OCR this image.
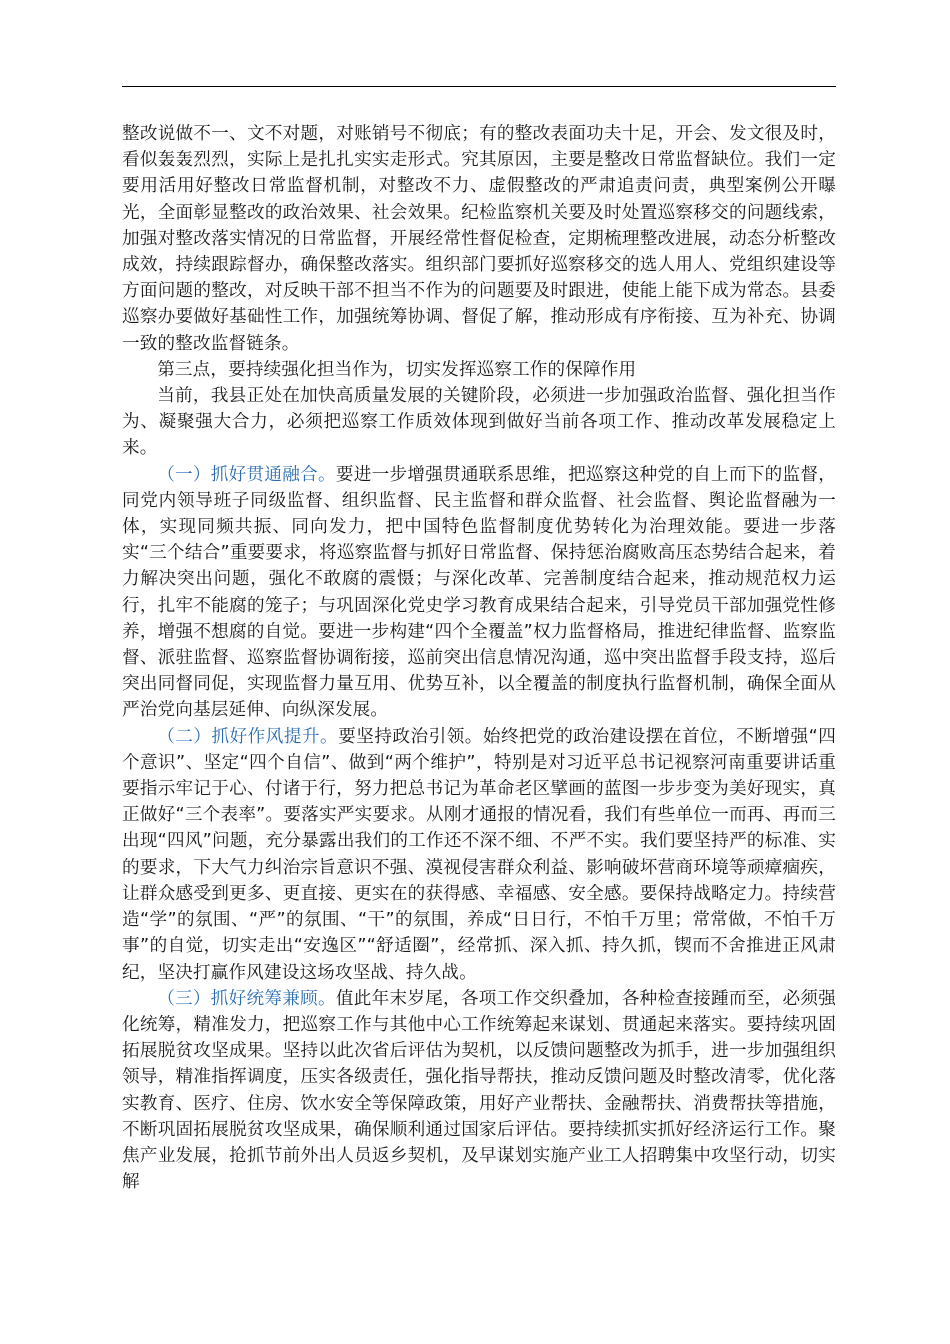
整改说做不一、文不对题，对账销号不彻底；有的整改表面功夫十足，开会、发文很及时，看似轰轰烈烈，实际上是扎扎实实走形式。究其原因，主要是整改日常监督缺位。我们一定要用活用好整改日常监督机制，对整改不力、虚假整改的严肃追责问责，典型案例公开曝光，全面彰显整改的政治效果、社会效果。纪检监察机关要及时处置巡察移交的问题线索，加强对整改落实情况的日常监督，开展经常性督促检查，定期梳理整改进展，动态分析整改成效，持续跟踪督办，确保整改落实。组织部门要抓好巡察移交的选人用人、党组织建设等方面问题的整改，对反映干部不担当不作为的问题要及时跟进，使能上能下成为常态。县委巡察办要做好基础性工作，加强统筹协调、督促了解，推动形成有序衔接、互为补充、协调一致的整改监督链条。

第三点，要持续强化担当作为，切实发挥巡察工作的保障作用

当前，我县正处在加快高质量发展的关键阶段，必须进一步加强政治监督、强化担当作为、凝聚强大合力，必须把巡察工作质效体现到做好当前各项工作、推动改革发展稳定上来。

（一）抓好贯通融合。要进一步增强贯通联系思维，把巡察这种党的自上而下的监督，同党内领导班子同级监督、组织监督、民主监督和群众监督、社会监督、舆论监督融为一体，实现同频共振、同向发力，把中国特色监督制度优势转化为治理效能。要进一步落实“三个结合”重要要求，将巡察监督与抓好日常监督、保持惩治腐败高压态势结合起来，着力解决突出问题，强化不敢腐的震慑；与深化改革、完善制度结合起来，推动规范权力运行，扎牢不能腐的笼子；与巩固深化党史学习教育成果结合起来，引导党员干部加强党性修养，增强不想腐的自觉。要进一步构建“四个全覆盖”权力监督格局，推进纪律监督、监察监督、派驻监督、巡察监督协调衔接，巡前突出信息情况沟通，巡中突出监督手段支持，巡后突出同督同促，实现监督力量互用、优势互补，以全覆盖的制度执行监督机制，确保全面从严治党向基层延伸、向纵深发展。

（二）抓好作风提升。要坚持政治引领。始终把党的政治建设摆在首位，不断增强“四个意识”、坚定“四个自信”、做到“两个维护”，特别是对习近平总书记视察河南重要讲话重要指示牢记于心、付诸于行，努力把总书记为革命老区擘画的蓝图一步步变为美好现实，真正做好“三个表率”。要落实严实要求。从刚才通报的情况看，我们有些单位一而再、再而三出现“四风”问题，充分暴露出我们的工作还不深不细、不严不实。我们要坚持严的标准、实的要求，下大气力纠治宗旨意识不强、漠视侵害群众利益、影响破坏营商环境等顽瘴痼疾，让群众感受到更多、更直接、更实在的获得感、幸福感、安全感。要保持战略定力。持续营造“学”的氛围、“严”的氛围、“干”的氛围，养成“日日行，不怕千万里；常常做，不怕千万事”的自觉，切实走出“安逸区”“舒适圈”，经常抓、深入抓、持久抓，锲而不舍推进正风肃纪，坚决打赢作风建设这场攻坚战、持久战。

（三）抓好统筹兼顾。值此年末岁尾，各项工作交织叠加，各种检查接踵而至，必须强化统筹，精准发力，把巡察工作与其他中心工作统筹起来谋划、贯通起来落实。要持续巩固拓展脱贫攻坚成果。坚持以此次省后评估为契机，以反馈问题整改为抓手，进一步加强组织领导，精准指挥调度，压实各级责任，强化指导帮扶，推动反馈问题及时整改清零，优化落实教育、医疗、住房、饮水安全等保障政策，用好产业帮扶、金融帮扶、消费帮扶等措施，不断巩固拓展脱贫攻坚成果，确保顺利通过国家后评估。要持续抓实抓好经济运行工作。聚焦产业发展，抢抓节前外出人员返乡契机，及早谋划实施产业工人招聘集中攻坚行动，切实解
